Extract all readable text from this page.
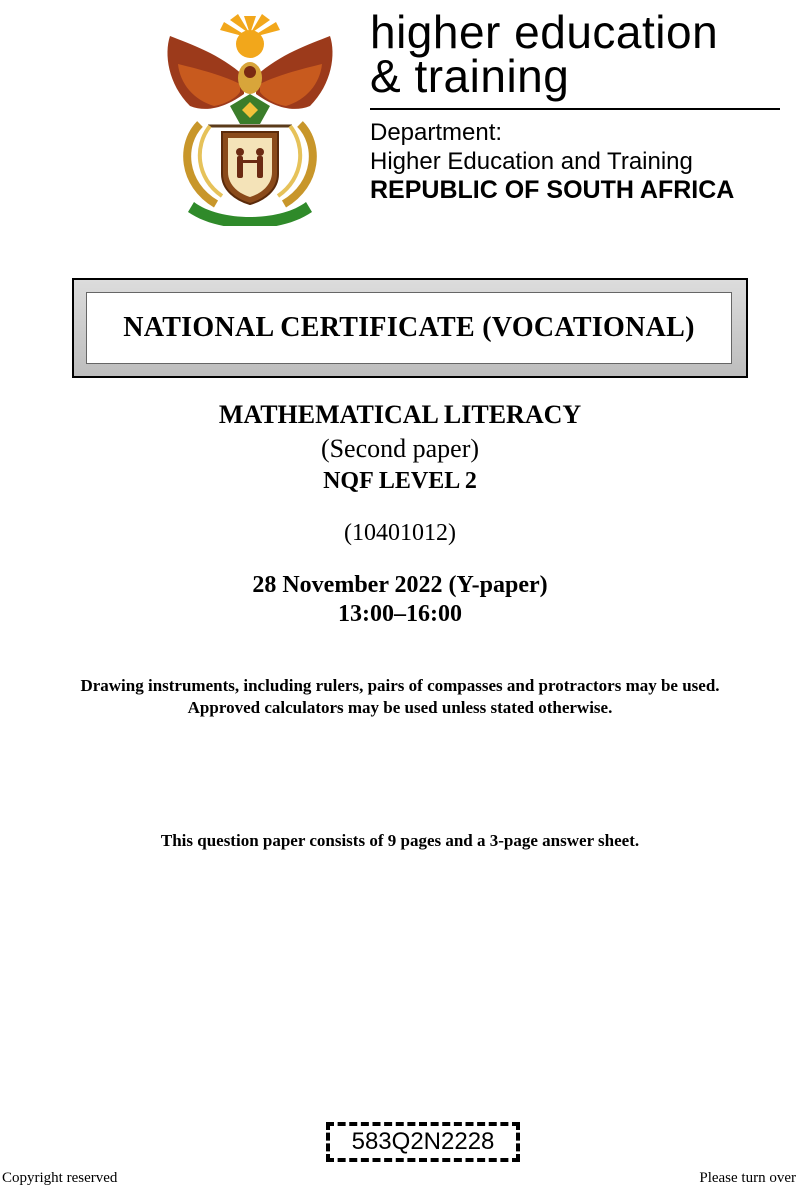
higher education
& training
Department:
Higher Education and Training
REPUBLIC OF SOUTH AFRICA
NATIONAL CERTIFICATE (VOCATIONAL)
MATHEMATICAL LITERACY
(Second paper)
NQF LEVEL 2
(10401012)
28 November 2022 (Y-paper)
13:00–16:00
Drawing instruments, including rulers, pairs of compasses and protractors may be used.
Approved calculators may be used unless stated otherwise.
This question paper consists of 9 pages and a 3-page answer sheet.
583Q2N2228
Copyright reserved	Please turn over
